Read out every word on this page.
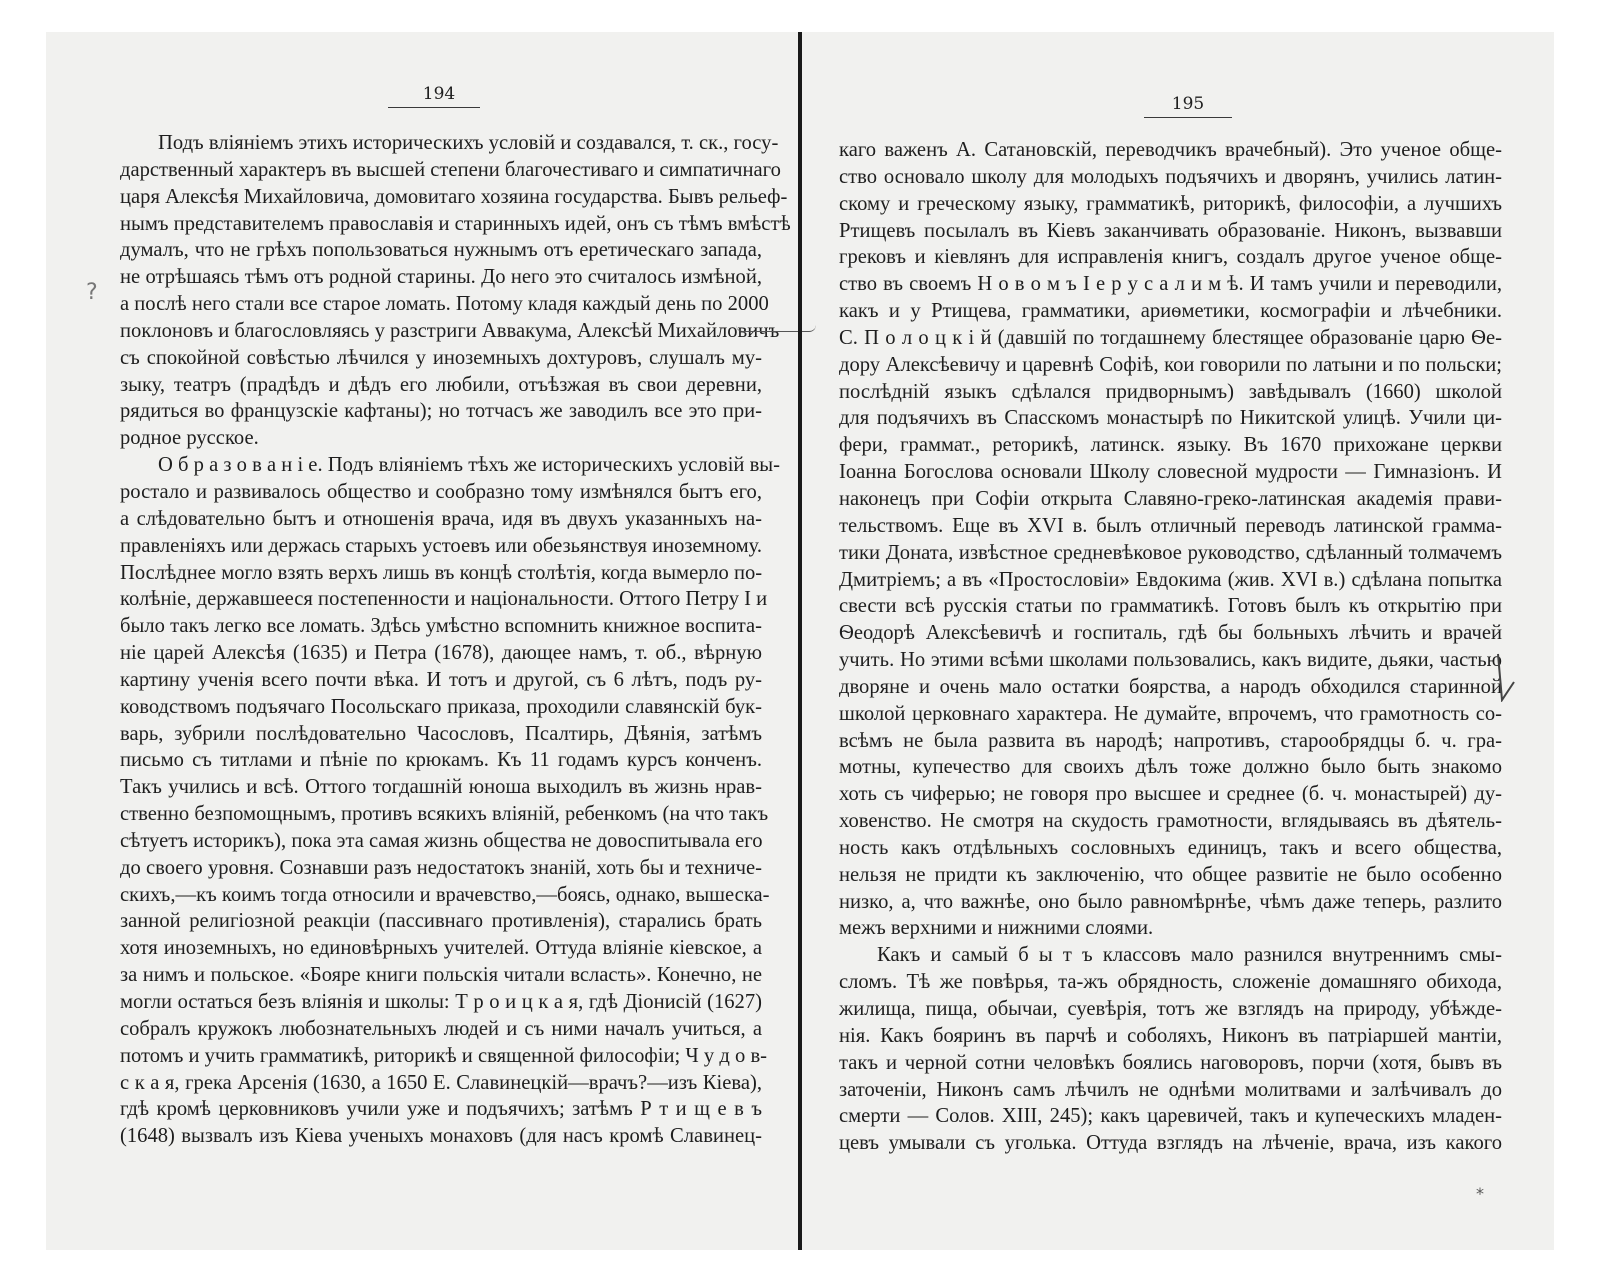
194
Подъ вліяніемъ этихъ историческихъ условій и создавался, т. ск., госу-
дарственный характеръ въ высшей степени благочестиваго и симпатичнаго
царя Алексѣя Михайловича, домовитаго хозяина государства. Бывъ рельеф-
нымъ представителемъ православія и старинныхъ идей, онъ съ тѣмъ вмѣстѣ
думалъ, что не грѣхъ попользоваться нужнымъ отъ еретическаго запада,
не отрѣшаясь тѣмъ отъ родной старины. До него это считалось измѣной,
а послѣ него стали все старое ломать. Потому кладя каждый день по 2000
поклоновъ и благословляясь у разстриги Аввакума, Алексѣй Михайловичъ
съ спокойной совѣстью лѣчился у иноземныхъ дохтуровъ, слушалъ му-
зыку, театръ (прадѣдъ и дѣдъ его любили, отъѣзжая въ свои деревни,
рядиться во французскіе кафтаны); но тотчасъ же заводилъ все это при-
родное русское.
О б р а з о в а н і е. Подъ вліяніемъ тѣхъ же историческихъ условій вы-
ростало и развивалось общество и сообразно тому измѣнялся бытъ его,
а слѣдовательно бытъ и отношенія врача, идя въ двухъ указанныхъ на-
правленіяхъ или держась старыхъ устоевъ или обезьянствуя иноземному.
Послѣднее могло взять верхъ лишь въ концѣ столѣтія, когда вымерло по-
колѣніе, державшееся постепенности и національности. Оттого Петру I и
было такъ легко все ломать. Здѣсь умѣстно вспомнить книжное воспита-
ніе царей Алексѣя (1635) и Петра (1678), дающее намъ, т. об., вѣрную
картину ученія всего почти вѣка. И тотъ и другой, съ 6 лѣтъ, подъ ру-
ководствомъ подъячаго Посольскаго приказа, проходили славянскій бук-
варь, зубрили послѣдовательно Часословъ, Псалтирь, Дѣянія, затѣмъ
письмо съ титлами и пѣніе по крюкамъ. Къ 11 годамъ курсъ конченъ.
Такъ учились и всѣ. Оттого тогдашній юноша выходилъ въ жизнь нрав-
ственно безпомощнымъ, противъ всякихъ вліяній, ребенкомъ (на что такъ
сѣтуетъ историкъ), пока эта самая жизнь общества не довоспитывала его
до своего уровня. Сознавши разъ недостатокъ знаній, хоть бы и техниче-
скихъ,—къ коимъ тогда относили и врачевство,—боясь, однако, вышеска-
занной религіозной реакціи (пассивнаго противленія), старались брать
хотя иноземныхъ, но единовѣрныхъ учителей. Оттуда вліяніе кіевское, а
за нимъ и польское. «Бояре книги польскія читали всласть». Конечно, не
могли остаться безъ вліянія и школы: Т р о и ц к а я, гдѣ Діонисій (1627)
собралъ кружокъ любознательныхъ людей и съ ними началъ учиться, а
потомъ и учить грамматикѣ, риторикѣ и священной философіи; Ч у д о в-
с к а я, грека Арсенія (1630, а 1650 Е. Славинецкій—врачъ?—изъ Кіева),
гдѣ кромѣ церковниковъ учили уже и подъячихъ; затѣмъ Р т и щ е в ъ
(1648) вызвалъ изъ Кіева ученыхъ монаховъ (для насъ кромѣ Славинец-
195
каго важенъ А. Сатановскій, переводчикъ врачебный). Это ученое обще-
ство основало школу для молодыхъ подъячихъ и дворянъ, учились латин-
скому и греческому языку, грамматикѣ, риторикѣ, философіи, а лучшихъ
Ртищевъ посылалъ въ Кіевъ заканчивать образованіе. Никонъ, вызвавши
грековъ и кіевлянъ для исправленія книгъ, создалъ другое ученое обще-
ство въ своемъ Н о в о м ъ І е р у с а л и м ѣ. И тамъ учили и переводили,
какъ и у Ртищева, грамматики, ариѳметики, космографіи и лѣчебники.
С. П о л о ц к і й (давшій по тогдашнему блестящее образованіе царю Ѳе-
дору Алексѣевичу и царевнѣ Софіѣ, кои говорили по латыни и по польски;
послѣдній языкъ сдѣлался придворнымъ) завѣдывалъ (1660) школой
для подъячихъ въ Спасскомъ монастырѣ по Никитской улицѣ. Учили ци-
фери, граммат., реторикѣ, латинск. языку. Въ 1670 прихожане церкви
Іоанна Богослова основали Школу словесной мудрости — Гимназіонъ. И
наконецъ при Софіи открыта Славяно-греко-латинская академія прави-
тельствомъ. Еще въ XVI в. былъ отличный переводъ латинской грамма-
тики Доната, извѣстное средневѣковое руководство, сдѣланный толмачемъ
Дмитріемъ; а въ «Простословіи» Евдокима (жив. XVI в.) сдѣлана попытка
свести всѣ русскія статьи по грамматикѣ. Готовъ былъ къ открытію при
Ѳеодорѣ Алексѣевичѣ и госпиталь, гдѣ бы больныхъ лѣчить и врачей
учить. Но этими всѣми школами пользовались, какъ видите, дьяки, частью
дворяне и очень мало остатки боярства, а народъ обходился старинной
школой церковнаго характера. Не думайте, впрочемъ, что грамотность со-
всѣмъ не была развита въ народѣ; напротивъ, старообрядцы б. ч. гра-
мотны, купечество для своихъ дѣлъ тоже должно было быть знакомо
хоть съ чиферью; не говоря про высшее и среднее (б. ч. монастырей) ду-
ховенство. Не смотря на скудость грамотности, вглядываясь въ дѣятель-
ность какъ отдѣльныхъ сословныхъ единицъ, такъ и всего общества,
нельзя не придти къ заключенію, что общее развитіе не было особенно
низко, а, что важнѣе, оно было равномѣрнѣе, чѣмъ даже теперь, разлито
межъ верхними и нижними слоями.
Какъ и самый б ы т ъ классовъ мало разнился внутреннимъ смы-
сломъ. Тѣ же повѣрья, та-жъ обрядность, сложеніе домашняго обихода,
жилища, пища, обычаи, суевѣрія, тотъ же взглядъ на природу, убѣжде-
нія. Какъ бояринъ въ парчѣ и соболяхъ, Никонъ въ патріаршей мантіи,
такъ и черной сотни человѣкъ боялись наговоровъ, порчи (хотя, бывъ въ
заточеніи, Никонъ самъ лѣчилъ не однѣми молитвами и залѣчивалъ до
смерти — Солов. XIII, 245); какъ царевичей, такъ и купеческихъ младен-
цевъ умывали съ уголька. Оттуда взглядъ на лѣченіе, врача, изъ какого
*
?
